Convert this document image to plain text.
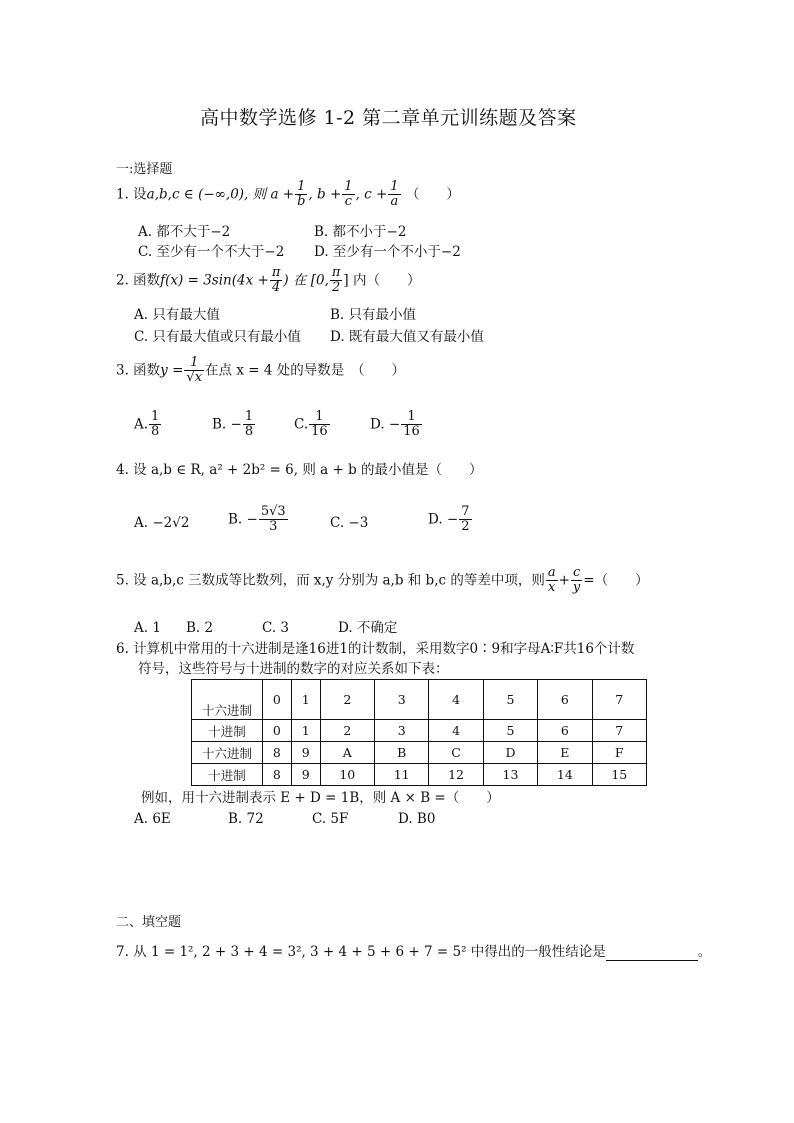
高中数学选修 1-2 第二章单元训练题及答案
一:选择题
1. 设a,b,c ∈ (−∞,0), 则 $a + \frac{1}{b}$ , $b + \frac{1}{c}$ , $c + \frac{1}{a}$ （　　）
A. 都不大于−2	B. 都不小于−2
C. 至少有一个不大于−2 D. 至少有一个不小于−2
2. 函数$f(x) = 3\sin(4x + \frac{\pi}{4}$ ) 在 [0, $\frac{\pi}{2}$ ] 内（　　）
A. 只有最大值	B. 只有最小值
C. 只有最大值或只有最小值 D. 既有最大值又有最小值
3. 函数$y = \frac{1}{√x}$ 在点 x = 4 处的导数是　（　　）
A. $\frac{1}{8}$	B. − $\frac{1}{8}$	C. $\frac{1}{16}$	D. − $\frac{1}{16}$
4. 设 a,b ∈ R, a² + 2b² = 6, 则 a + b 的最小值是（　　）
A. −2√2	B. − $\frac{5√3}{3}$	C. −3	D. − $\frac{7}{2}$
5. 设 a,b,c 三数成等比数列，而 x,y 分别为 a,b 和 b,c 的等差中项，则 $\frac{a}{x} + \frac{c}{y}$ =（　　）
A. 1 B. 2	C. 3	D. 不确定
6. 计算机中常用的十六进制是逢16进1的计数制，采用数字0∶9和字母A∶F共16个计数
符号，这些符号与十进制的数字的对应关系如下表：
十六进制	0	1	2	3	4	5	6	7
十进制	0	1	2	3	4	5	6	7
十六进制	8	9	A	B	C	D	E	F
十进制	8	9	10	11	12	13	14	15
例如，用十六进制表示 E + D = 1B，则 A × B =（　　）
A. 6E	B. 72	C. 5F	D. B0
二、填空题
7. 从 1 = 1², 2 + 3 + 4 = 3², 3 + 4 + 5 + 6 + 7 = 5² 中得出的一般性结论是	。
